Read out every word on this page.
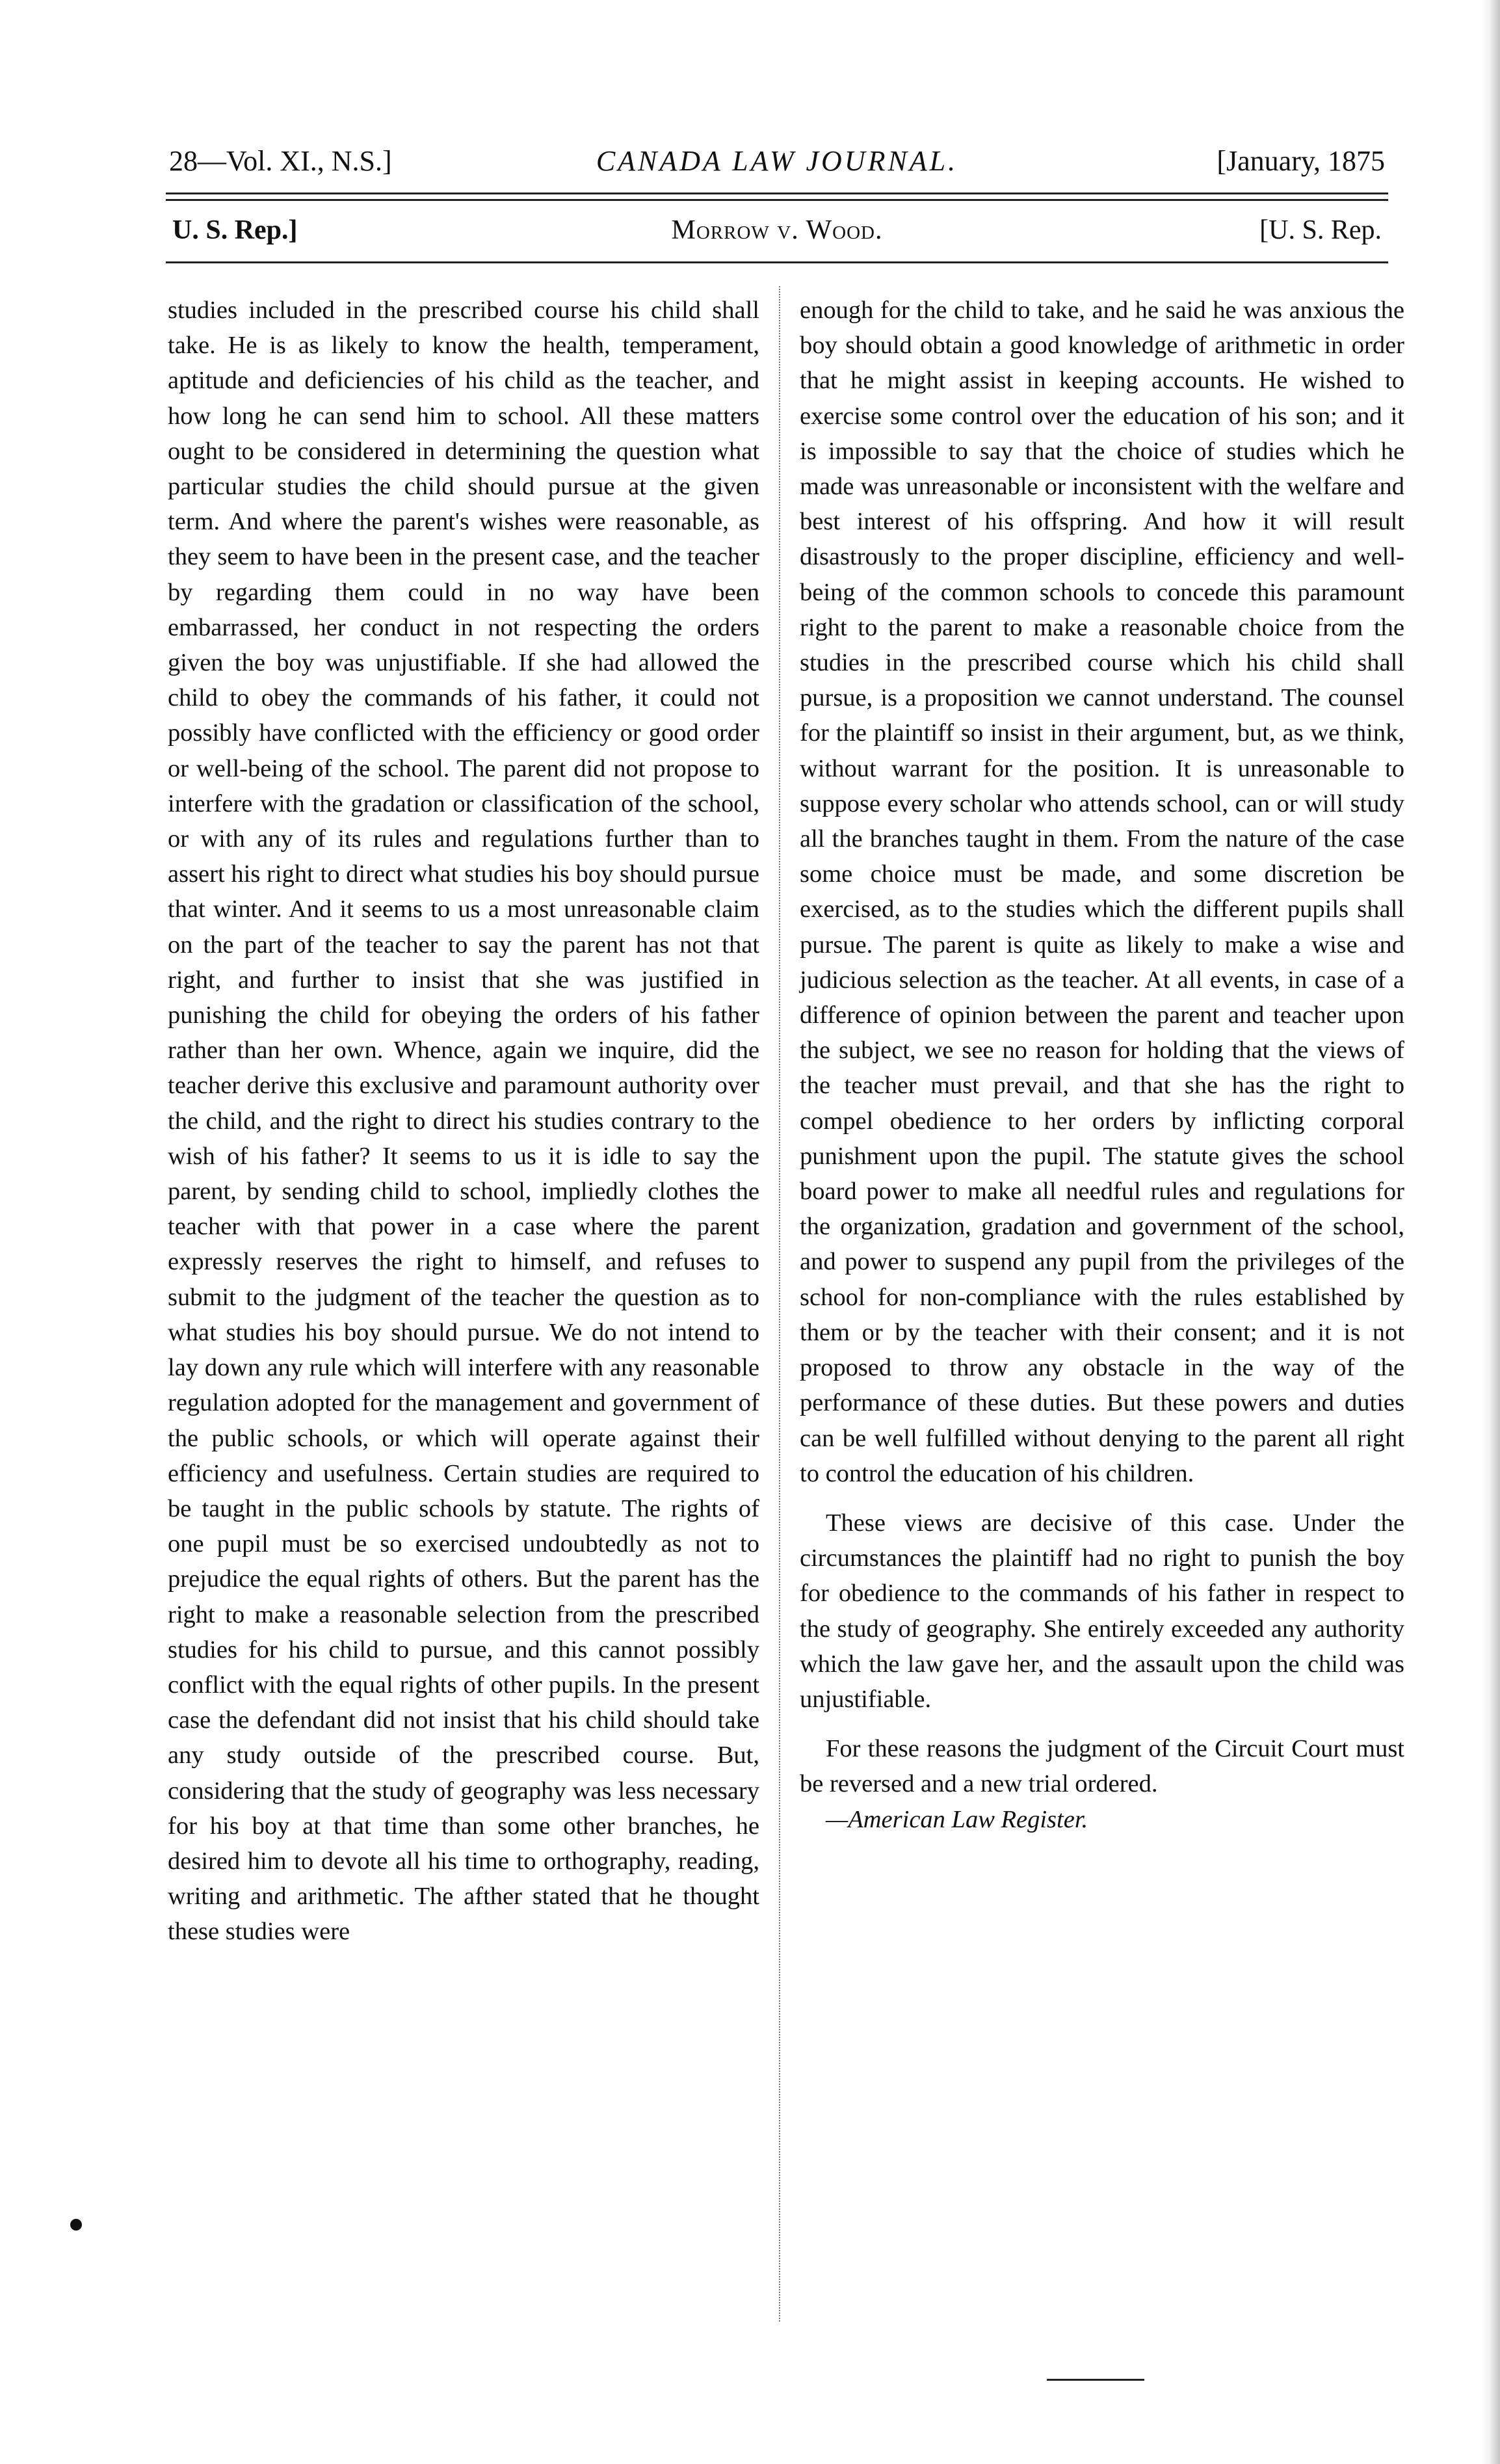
28—Vol. XI., N.S.]	CANADA LAW JOURNAL.	[January, 1875
U. S. Rep.]	Morrow v. Wood.	[U. S. Rep.

studies included in the prescribed course his child shall take. He is as likely to know the health, temperament, aptitude and deficiencies of his child as the teacher, and how long he can send him to school. All these matters ought to be considered in determining the question what particular studies the child should pursue at the given term. And where the parent's wishes were reasonable, as they seem to have been in the present case, and the teacher by regarding them could in no way have been embarrassed, her conduct in not respecting the orders given the boy was unjustifiable. If she had allowed the child to obey the commands of his father, it could not possibly have conflicted with the efficiency or good order or well-being of the school. The parent did not propose to interfere with the gradation or classification of the school, or with any of its rules and regulations further than to assert his right to direct what studies his boy should pursue that winter. And it seems to us a most unreasonable claim on the part of the teacher to say the parent has not that right, and further to insist that she was justified in punishing the child for obeying the orders of his father rather than her own. Whence, again we inquire, did the teacher derive this exclusive and paramount authority over the child, and the right to direct his studies contrary to the wish of his father? It seems to us it is idle to say the parent, by sending child to school, impliedly clothes the teacher with that power in a case where the parent expressly reserves the right to himself, and refuses to submit to the judgment of the teacher the question as to what studies his boy should pursue. We do not intend to lay down any rule which will interfere with any reasonable regulation adopted for the management and government of the public schools, or which will operate against their efficiency and usefulness. Certain studies are required to be taught in the public schools by statute. The rights of one pupil must be so exercised undoubtedly as not to prejudice the equal rights of others. But the parent has the right to make a reasonable selection from the prescribed studies for his child to pursue, and this cannot possibly conflict with the equal rights of other pupils. In the present case the defendant did not insist that his child should take any study outside of the prescribed course. But, considering that the study of geography was less necessary for his boy at that time than some other branches, he desired him to devote all his time to orthography, reading, writing and arithmetic. The afther stated that he thought these studies were

enough for the child to take, and he said he was anxious the boy should obtain a good knowledge of arithmetic in order that he might assist in keeping accounts. He wished to exercise some control over the education of his son; and it is impossible to say that the choice of studies which he made was unreasonable or inconsistent with the welfare and best interest of his offspring. And how it will result disastrously to the proper discipline, efficiency and well-being of the common schools to concede this paramount right to the parent to make a reasonable choice from the studies in the prescribed course which his child shall pursue, is a proposition we cannot understand. The counsel for the plaintiff so insist in their argument, but, as we think, without warrant for the position. It is unreasonable to suppose every scholar who attends school, can or will study all the branches taught in them. From the nature of the case some choice must be made, and some discretion be exercised, as to the studies which the different pupils shall pursue. The parent is quite as likely to make a wise and judicious selection as the teacher. At all events, in case of a difference of opinion between the parent and teacher upon the subject, we see no reason for holding that the views of the teacher must prevail, and that she has the right to compel obedience to her orders by inflicting corporal punishment upon the pupil. The statute gives the school board power to make all needful rules and regulations for the organization, gradation and government of the school, and power to suspend any pupil from the privileges of the school for non-compliance with the rules established by them or by the teacher with their consent; and it is not proposed to throw any obstacle in the way of the performance of these duties. But these powers and duties can be well fulfilled without denying to the parent all right to control the education of his children.

These views are decisive of this case. Under the circumstances the plaintiff had no right to punish the boy for obedience to the commands of his father in respect to the study of geography. She entirely exceeded any authority which the law gave her, and the assault upon the child was unjustifiable.

For these reasons the judgment of the Circuit Court must be reversed and a new trial ordered.

—American Law Register.
